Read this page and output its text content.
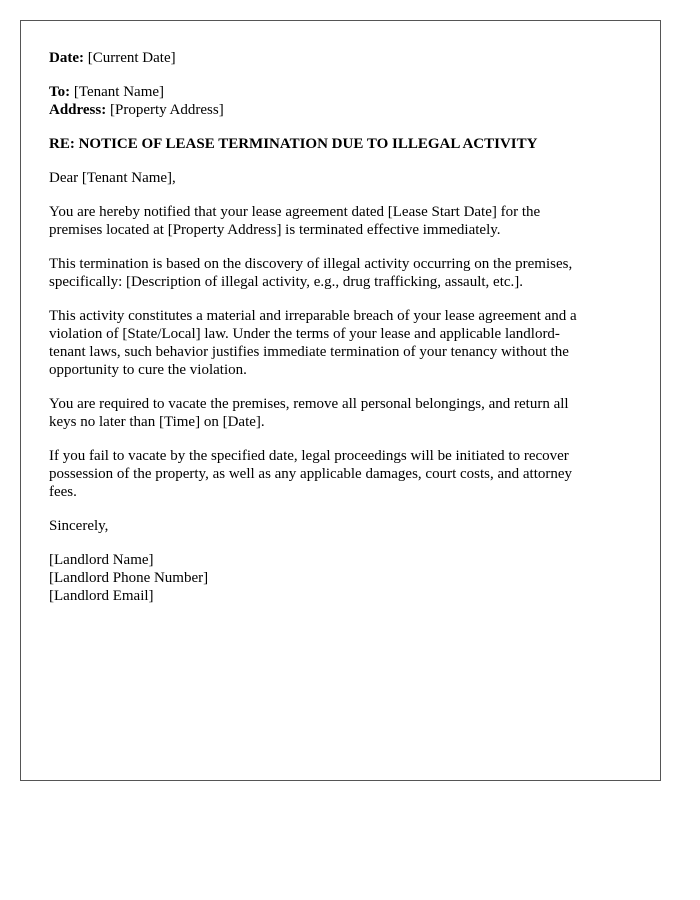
Date: [Current Date]
To: [Tenant Name]
Address: [Property Address]
RE: NOTICE OF LEASE TERMINATION DUE TO ILLEGAL ACTIVITY
Dear [Tenant Name],
You are hereby notified that your lease agreement dated [Lease Start Date] for the
premises located at [Property Address] is terminated effective immediately.
This termination is based on the discovery of illegal activity occurring on the premises,
specifically: [Description of illegal activity, e.g., drug trafficking, assault, etc.].
This activity constitutes a material and irreparable breach of your lease agreement and a
violation of [State/Local] law. Under the terms of your lease and applicable landlord-
tenant laws, such behavior justifies immediate termination of your tenancy without the
opportunity to cure the violation.
You are required to vacate the premises, remove all personal belongings, and return all
keys no later than [Time] on [Date].
If you fail to vacate by the specified date, legal proceedings will be initiated to recover
possession of the property, as well as any applicable damages, court costs, and attorney
fees.
Sincerely,
[Landlord Name]
[Landlord Phone Number]
[Landlord Email]
